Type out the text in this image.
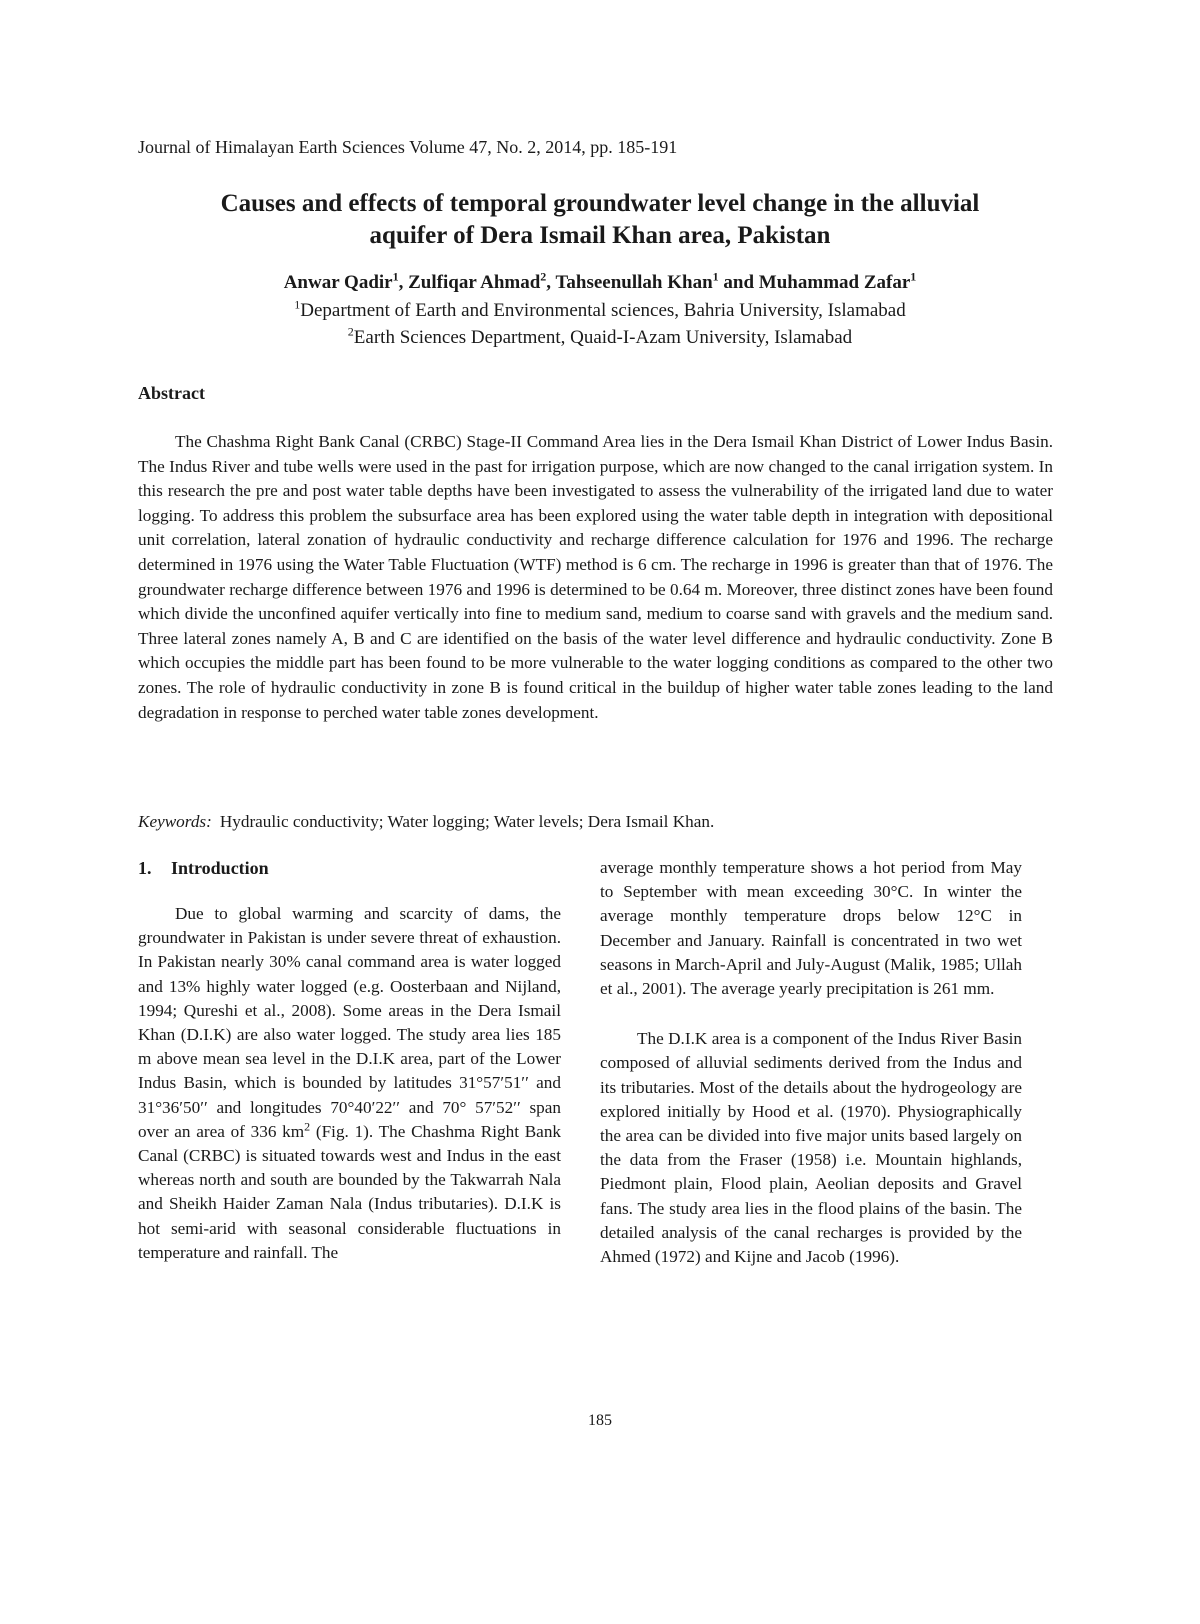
Journal of Himalayan Earth Sciences Volume 47, No. 2, 2014, pp. 185-191
Causes and effects of temporal groundwater level change in the alluvial
aquifer of Dera Ismail Khan area, Pakistan
Anwar Qadir$^1$, Zulfiqar Ahmad$^2$, Tahseenullah Khan$^1$ and Muhammad Zafar$^1$
$^1$Department of Earth and Environmental sciences, Bahria University, Islamabad
$^2$Earth Sciences Department, Quaid-I-Azam University, Islamabad
Abstract

The Chashma Right Bank Canal (CRBC) Stage-II Command Area lies in the Dera Ismail Khan District of Lower Indus Basin. The Indus River and tube wells were used in the past for irrigation purpose, which are now changed to the canal irrigation system. In this research the pre and post water table depths have been investigated to assess the vulnerability of the irrigated land due to water logging. To address this problem the subsurface area has been explored using the water table depth in integration with depositional unit correlation, lateral zonation of hydraulic conductivity and recharge difference calculation for 1976 and 1996. The recharge determined in 1976 using the Water Table Fluctuation (WTF) method is 6 cm. The recharge in 1996 is greater than that of 1976. The groundwater recharge difference between 1976 and 1996 is determined to be 0.64 m. Moreover, three distinct zones have been found which divide the unconfined aquifer vertically into fine to medium sand, medium to coarse sand with gravels and the medium sand. Three lateral zones namely A, B and C are identified on the basis of the water level difference and hydraulic conductivity. Zone B which occupies the middle part has been found to be more vulnerable to the water logging conditions as compared to the other two zones. The role of hydraulic conductivity in zone B is found critical in the buildup of higher water table zones leading to the land degradation in response to perched water table zones development.

Keywords: Hydraulic conductivity; Water logging; Water levels; Dera Ismail Khan.
1. Introduction

Due to global warming and scarcity of dams, the groundwater in Pakistan is under severe threat of exhaustion. In Pakistan nearly 30% canal command area is water logged and 13% highly water logged (e.g. Oosterbaan and Nijland, 1994; Qureshi et al., 2008). Some areas in the Dera Ismail Khan (D.I.K) are also water logged. The study area lies 185 m above mean sea level in the D.I.K area, part of the Lower Indus Basin, which is bounded by latitudes 31°57′51′′ and 31°36′50′′ and longitudes 70°40′22′′ and 70° 57′52′′ span over an area of 336 $km^2$ (Fig. 1). The Chashma Right Bank Canal (CRBC) is situated towards west and Indus in the east whereas north and south are bounded by the Takwarrah Nala and Sheikh Haider Zaman Nala (Indus tributaries). D.I.K is hot semi-arid with seasonal considerable fluctuations in temperature and rainfall. The

average monthly temperature shows a hot period from May to September with mean exceeding 30°C. In winter the average monthly temperature drops below 12°C in December and January. Rainfall is concentrated in two wet seasons in March-April and July-August (Malik, 1985; Ullah et al., 2001). The average yearly precipitation is 261 mm.

The D.I.K area is a component of the Indus River Basin composed of alluvial sediments derived from the Indus and its tributaries. Most of the details about the hydrogeology are explored initially by Hood et al. (1970). Physiographically the area can be divided into five major units based largely on the data from the Fraser (1958) i.e. Mountain highlands, Piedmont plain, Flood plain, Aeolian deposits and Gravel fans. The study area lies in the flood plains of the basin. The detailed analysis of the canal recharges is provided by the Ahmed (1972) and Kijne and Jacob (1996).

185
